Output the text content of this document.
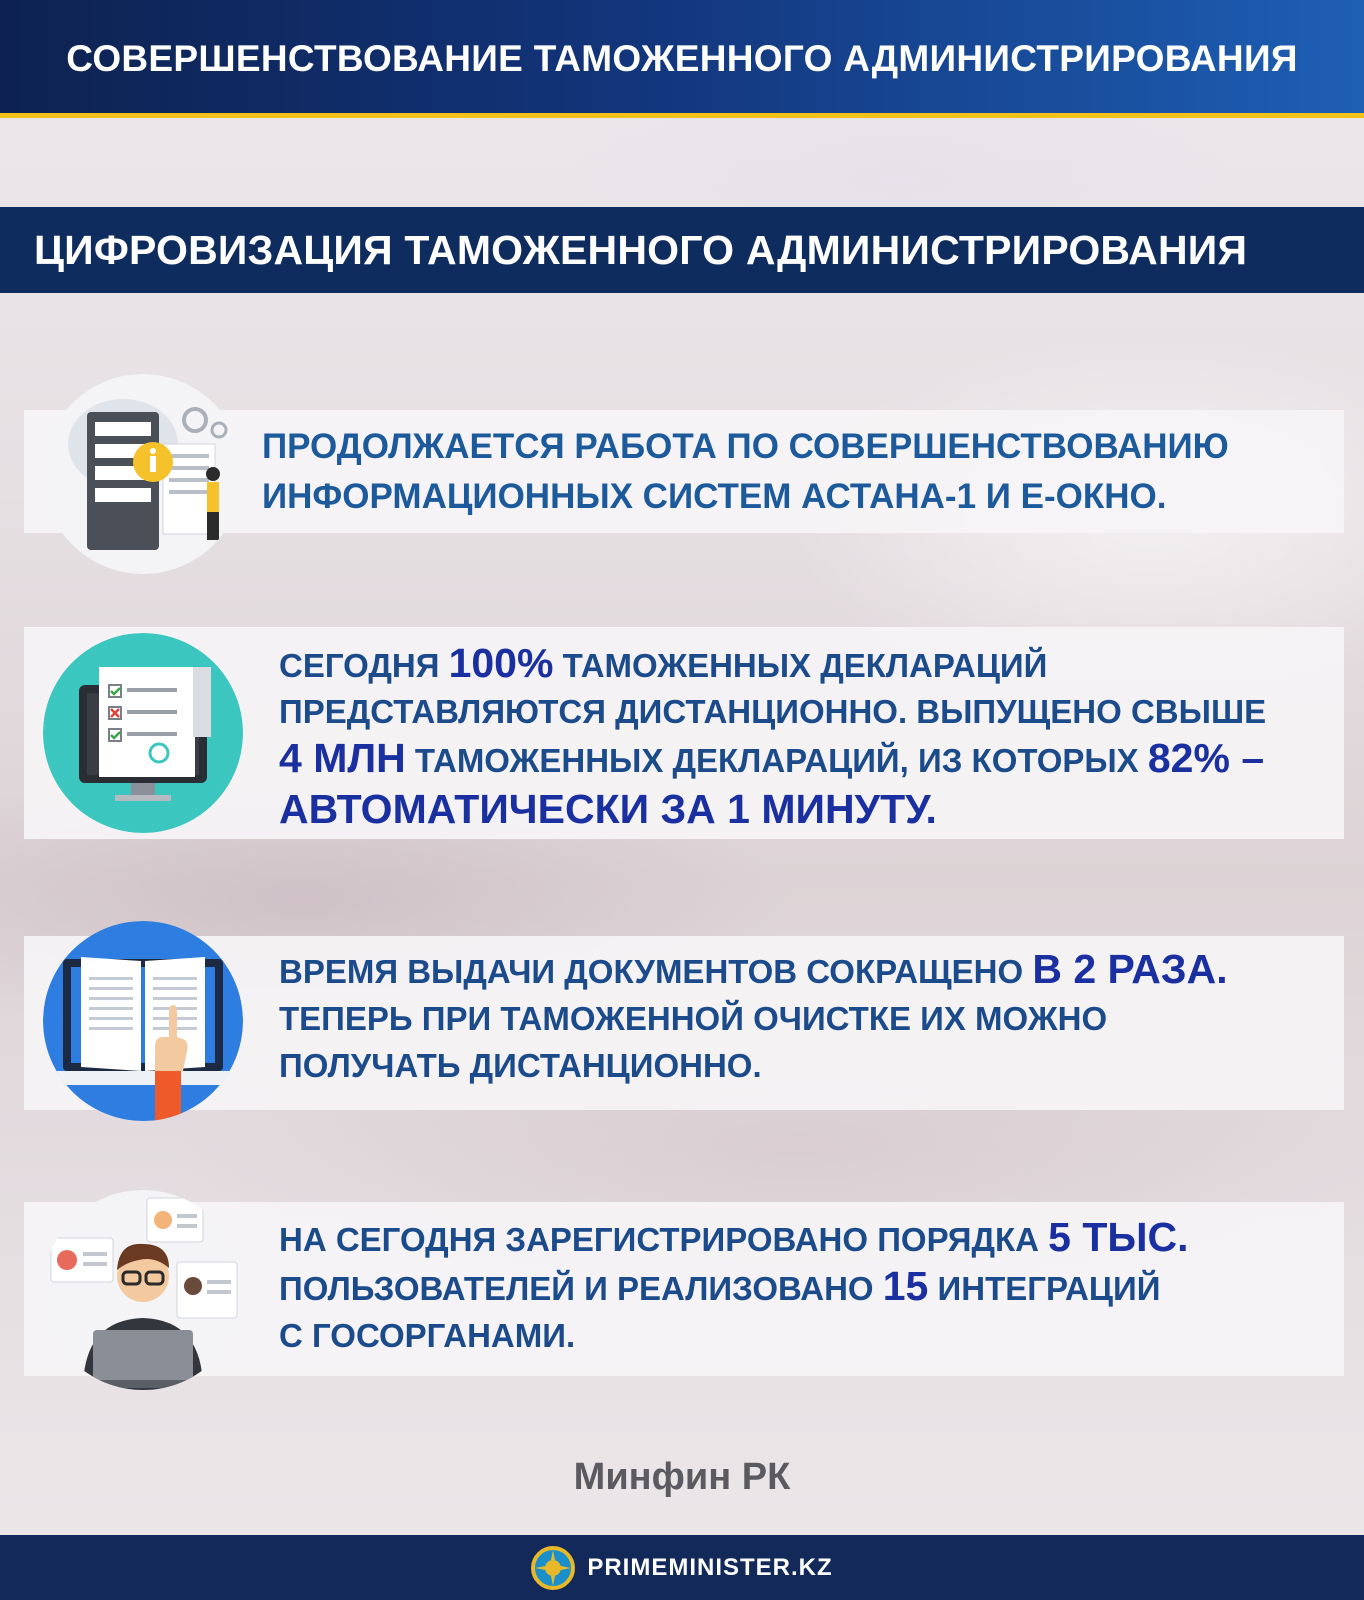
СОВЕРШЕНСТВОВАНИЕ ТАМОЖЕННОГО АДМИНИСТРИРОВАНИЯ
ЦИФРОВИЗАЦИЯ ТАМОЖЕННОГО АДМИНИСТРИРОВАНИЯ
ПРОДОЛЖАЕТСЯ РАБОТА ПО СОВЕРШЕНСТВОВАНИЮ
ИНФОРМАЦИОННЫХ СИСТЕМ АСТАНА-1 И Е-ОКНО.
СЕГОДНЯ 100% ТАМОЖЕННЫХ ДЕКЛАРАЦИЙ
ПРЕДСТАВЛЯЮТСЯ ДИСТАНЦИОННО. ВЫПУЩЕНО СВЫШЕ
4 МЛН ТАМОЖЕННЫХ ДЕКЛАРАЦИЙ, ИЗ КОТОРЫХ 82% –
АВТОМАТИЧЕСКИ ЗА 1 МИНУТУ.
ВРЕМЯ ВЫДАЧИ ДОКУМЕНТОВ СОКРАЩЕНО В 2 РАЗА.
ТЕПЕРЬ ПРИ ТАМОЖЕННОЙ ОЧИСТКЕ ИХ МОЖНО
ПОЛУЧАТЬ ДИСТАНЦИОННО.
НА СЕГОДНЯ ЗАРЕГИСТРИРОВАНО ПОРЯДКА 5 ТЫС.
ПОЛЬЗОВАТЕЛЕЙ И РЕАЛИЗОВАНО 15 ИНТЕГРАЦИЙ
С ГОСОРГАНАМИ.
Минфин РК
PRIMEMINISTER.KZ
